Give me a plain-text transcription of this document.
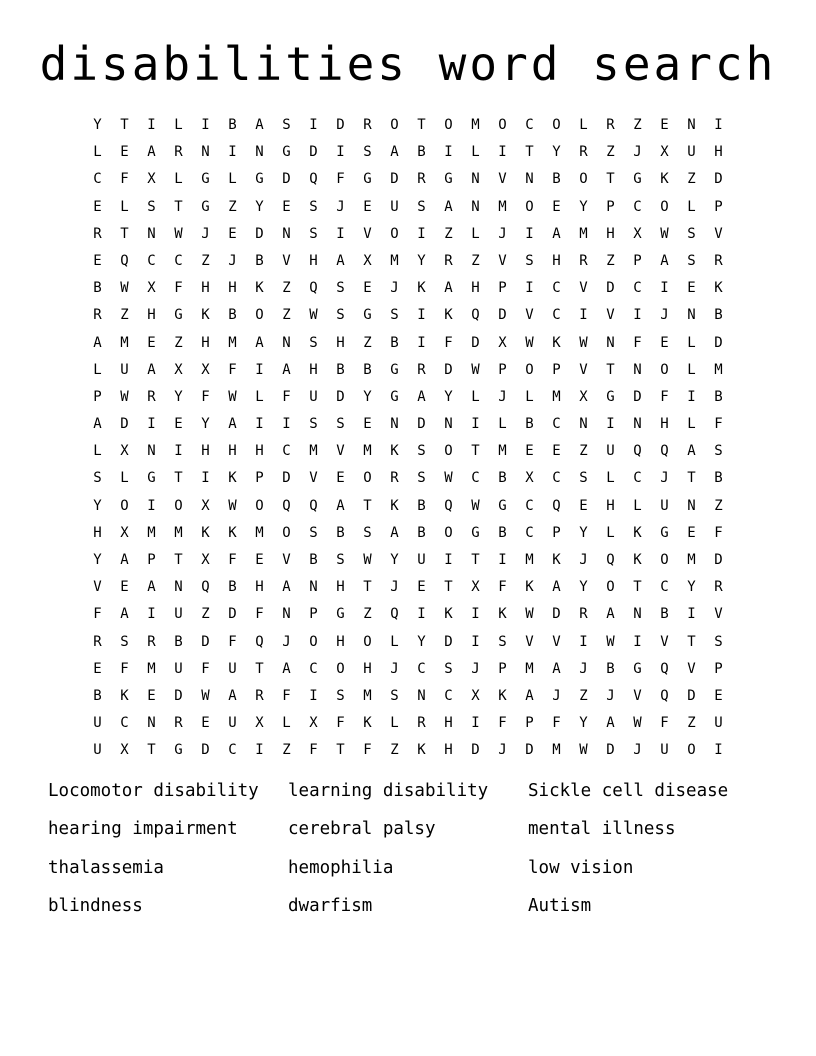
disabilities word search
Y	T	I	L	I	B	A	S	I	D	R	O	T	O	M	O	C	O	L	R	Z	E	N	I
L	E	A	R	N	I	N	G	D	I	S	A	B	I	L	I	T	Y	R	Z	J	X	U	H
C	F	X	L	G	L	G	D	Q	F	G	D	R	G	N	V	N	B	O	T	G	K	Z	D
E	L	S	T	G	Z	Y	E	S	J	E	U	S	A	N	M	O	E	Y	P	C	O	L	P
R	T	N	W	J	E	D	N	S	I	V	O	I	Z	L	J	I	A	M	H	X	W	S	V
E	Q	C	C	Z	J	B	V	H	A	X	M	Y	R	Z	V	S	H	R	Z	P	A	S	R
B	W	X	F	H	H	K	Z	Q	S	E	J	K	A	H	P	I	C	V	D	C	I	E	K
R	Z	H	G	K	B	O	Z	W	S	G	S	I	K	Q	D	V	C	I	V	I	J	N	B
A	M	E	Z	H	M	A	N	S	H	Z	B	I	F	D	X	W	K	W	N	F	E	L	D
L	U	A	X	X	F	I	A	H	B	B	G	R	D	W	P	O	P	V	T	N	O	L	M
P	W	R	Y	F	W	L	F	U	D	Y	G	A	Y	L	J	L	M	X	G	D	F	I	B
A	D	I	E	Y	A	I	I	S	S	E	N	D	N	I	L	B	C	N	I	N	H	L	F
L	X	N	I	H	H	H	C	M	V	M	K	S	O	T	M	E	E	Z	U	Q	Q	A	S
S	L	G	T	I	K	P	D	V	E	O	R	S	W	C	B	X	C	S	L	C	J	T	B
Y	O	I	O	X	W	O	Q	Q	A	T	K	B	Q	W	G	C	Q	E	H	L	U	N	Z
H	X	M	M	K	K	M	O	S	B	S	A	B	O	G	B	C	P	Y	L	K	G	E	F
Y	A	P	T	X	F	E	V	B	S	W	Y	U	I	T	I	M	K	J	Q	K	O	M	D
V	E	A	N	Q	B	H	A	N	H	T	J	E	T	X	F	K	A	Y	O	T	C	Y	R
F	A	I	U	Z	D	F	N	P	G	Z	Q	I	K	I	K	W	D	R	A	N	B	I	V
R	S	R	B	D	F	Q	J	O	H	O	L	Y	D	I	S	V	V	I	W	I	V	T	S
E	F	M	U	F	U	T	A	C	O	H	J	C	S	J	P	M	A	J	B	G	Q	V	P
B	K	E	D	W	A	R	F	I	S	M	S	N	C	X	K	A	J	Z	J	V	Q	D	E
U	C	N	R	E	U	X	L	X	F	K	L	R	H	I	F	P	F	Y	A	W	F	Z	U
U	X	T	G	D	C	I	Z	F	T	F	Z	K	H	D	J	D	M	W	D	J	U	O	I
Locomotor disability	learning disability	Sickle cell disease
hearing impairment	cerebral palsy	mental illness
thalassemia	hemophilia	low vision
blindness	dwarfism	Autism
